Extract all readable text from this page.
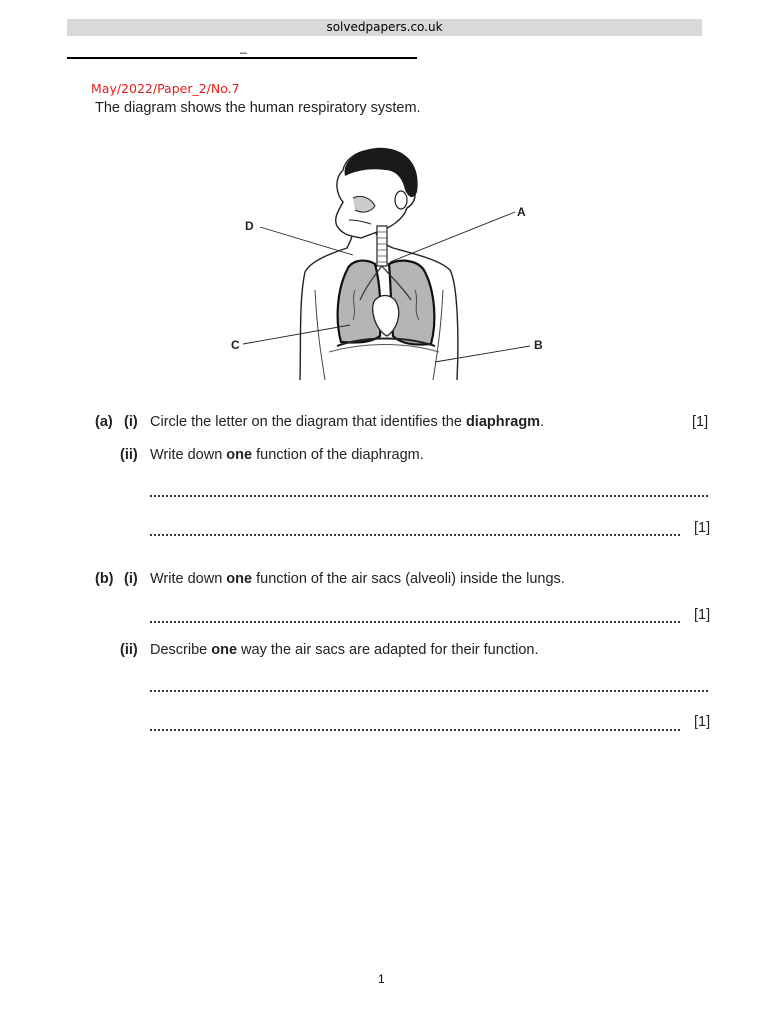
solvedpapers.co.uk
_
May/2022/Paper_2/No.7
The diagram shows the human respiratory system.
D
A
C	B
(a) (i) Circle the letter on the diagram that identifies the diaphragm.	[1]
(ii) Write down one function of the diaphragm.
[1]
(b) (i) Write down one function of the air sacs (alveoli) inside the lungs.
[1]
(ii) Describe one way the air sacs are adapted for their function.
[1]
1
